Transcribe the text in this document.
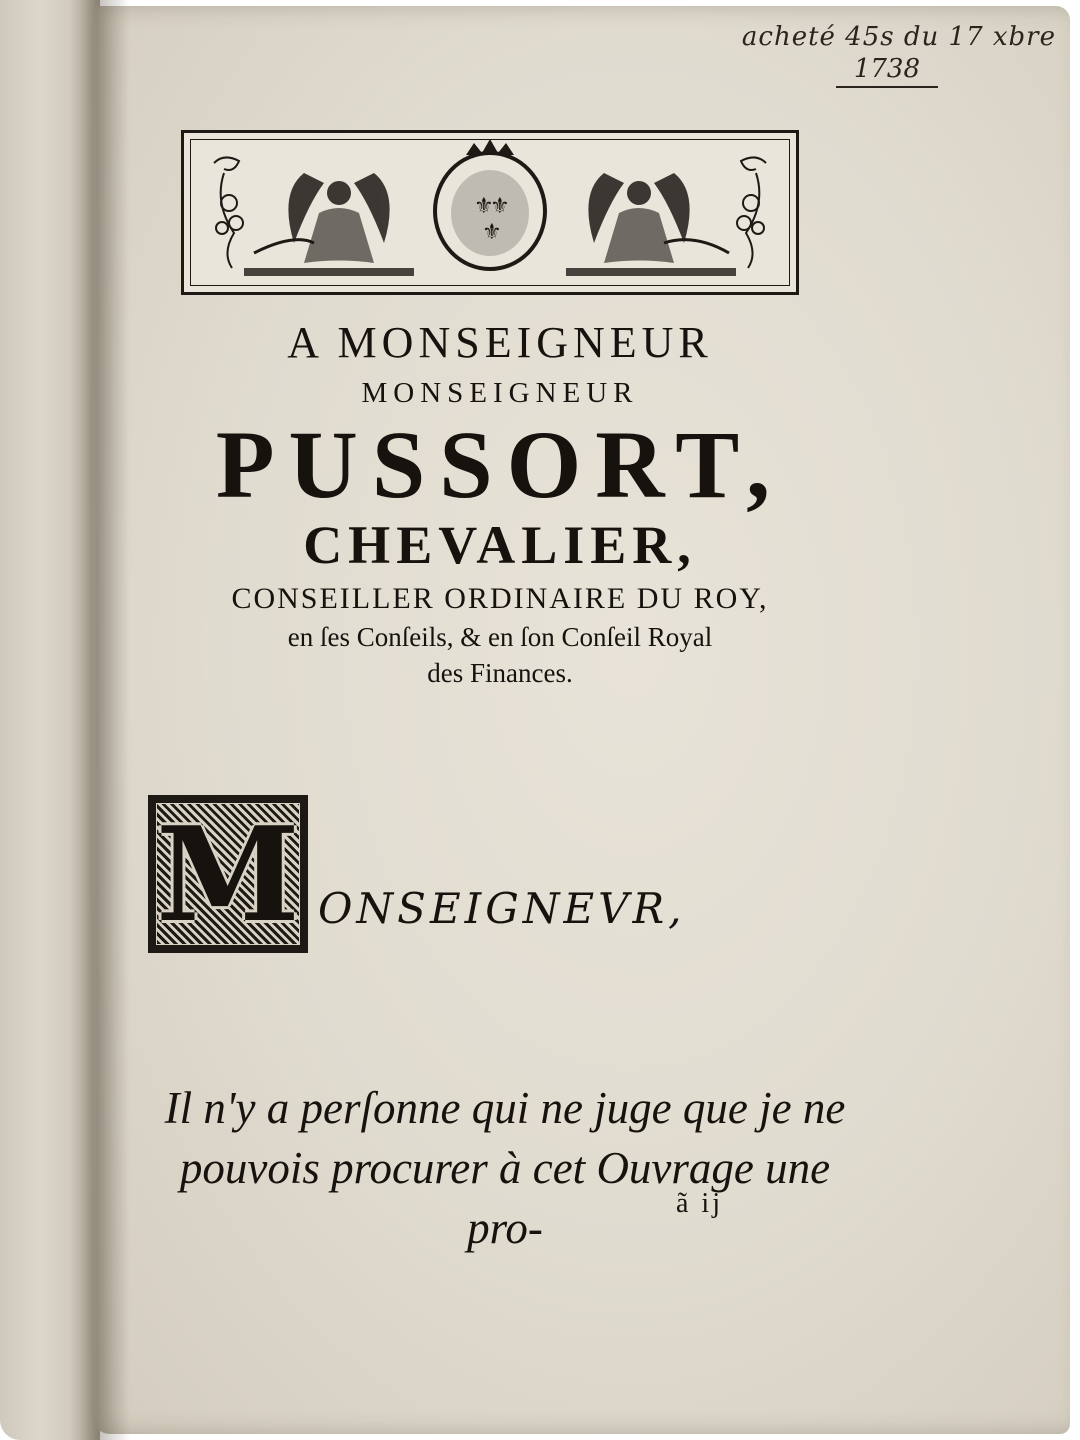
acheté 45s du 17 xbre
1738
⚜
⚜
⚜
A MONSEIGNEUR
MONSEIGNEUR
PUSSORT,
CHEVALIER,
CONSEILLER ORDINAIRE DU ROY,
en ſes Conſeils, & en ſon Conſeil Royal
des Finances.
M ONSEIGNEVR,
Il n'y a perſonne qui ne juge que je ne
pouvois procurer à cet Ouvrage une pro-	ã ij
